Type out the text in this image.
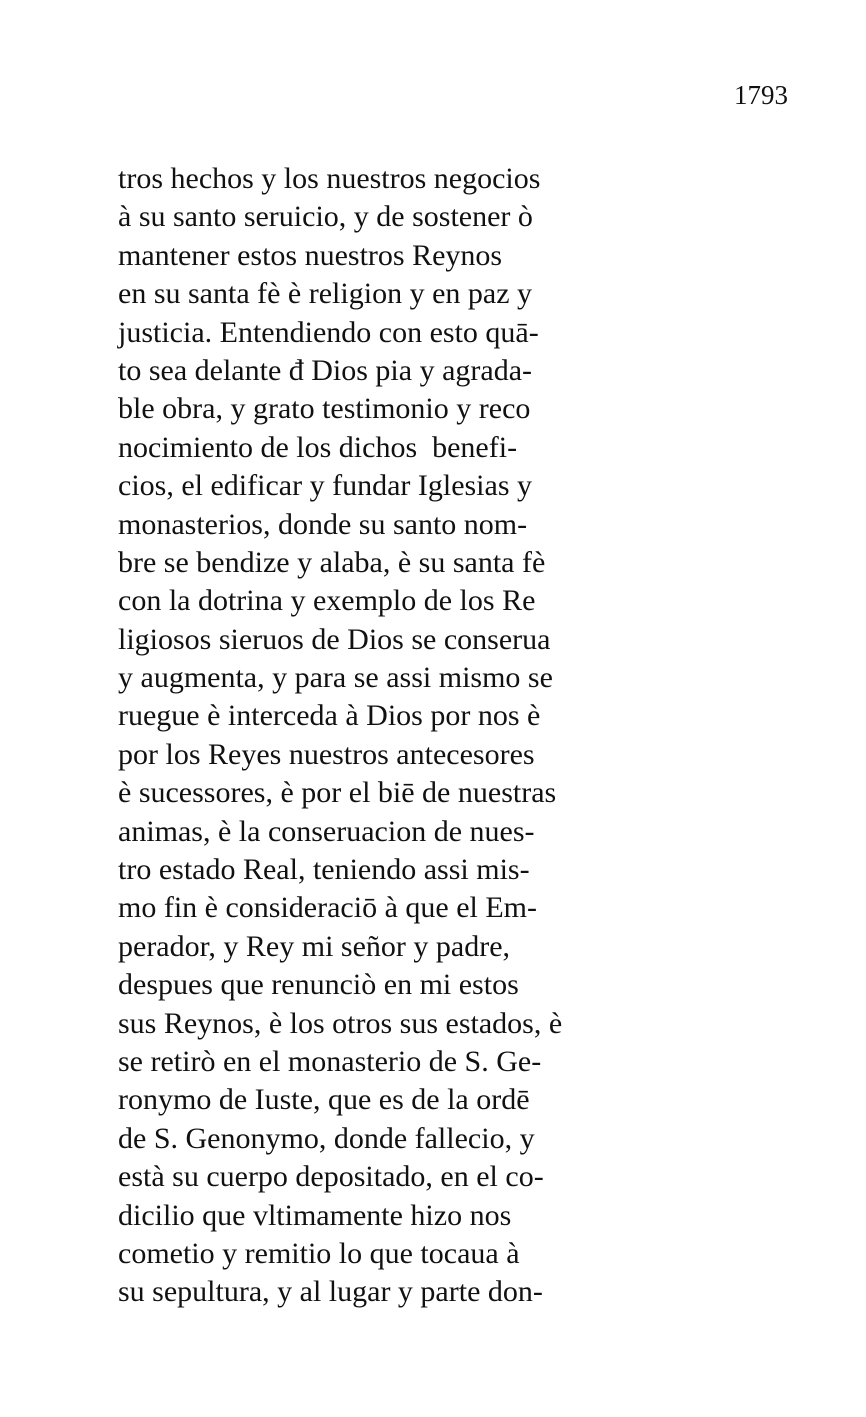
1793
tros hechos y los nuestros negocios
à su santo seruicio, y de sostener ò
mantener estos nuestros Reynos
en su santa fè è religion y en paz y
justicia. Entendiendo con esto quā-
to sea delante đ Dios pia y agrada-
ble obra, y grato testimonio y reco
nocimiento de los dichos  benefi-
cios, el edificar y fundar Iglesias y
monasterios, donde su santo nom-
bre se bendize y alaba, è su santa fè
con la dotrina y exemplo de los Re
ligiosos sieruos de Dios se conserua
y augmenta, y para se assi mismo se
ruegue è interceda à Dios por nos è
por los Reyes nuestros antecesores
è sucessores, è por el biē de nuestras
animas, è la conseruacion de nues-
tro estado Real, teniendo assi mis-
mo fin è consideraciō à que el Em-
perador, y Rey mi señor y padre,
despues que renunciò en mi estos
sus Reynos, è los otros sus estados, è
se retirò en el monasterio de S. Ge-
ronymo de Iuste, que es de la ordē
de S. Genonymo, donde fallecio, y
està su cuerpo depositado, en el co-
dicilio que vltimamente hizo nos
cometio y remitio lo que tocaua à
su sepultura, y al lugar y parte don-
